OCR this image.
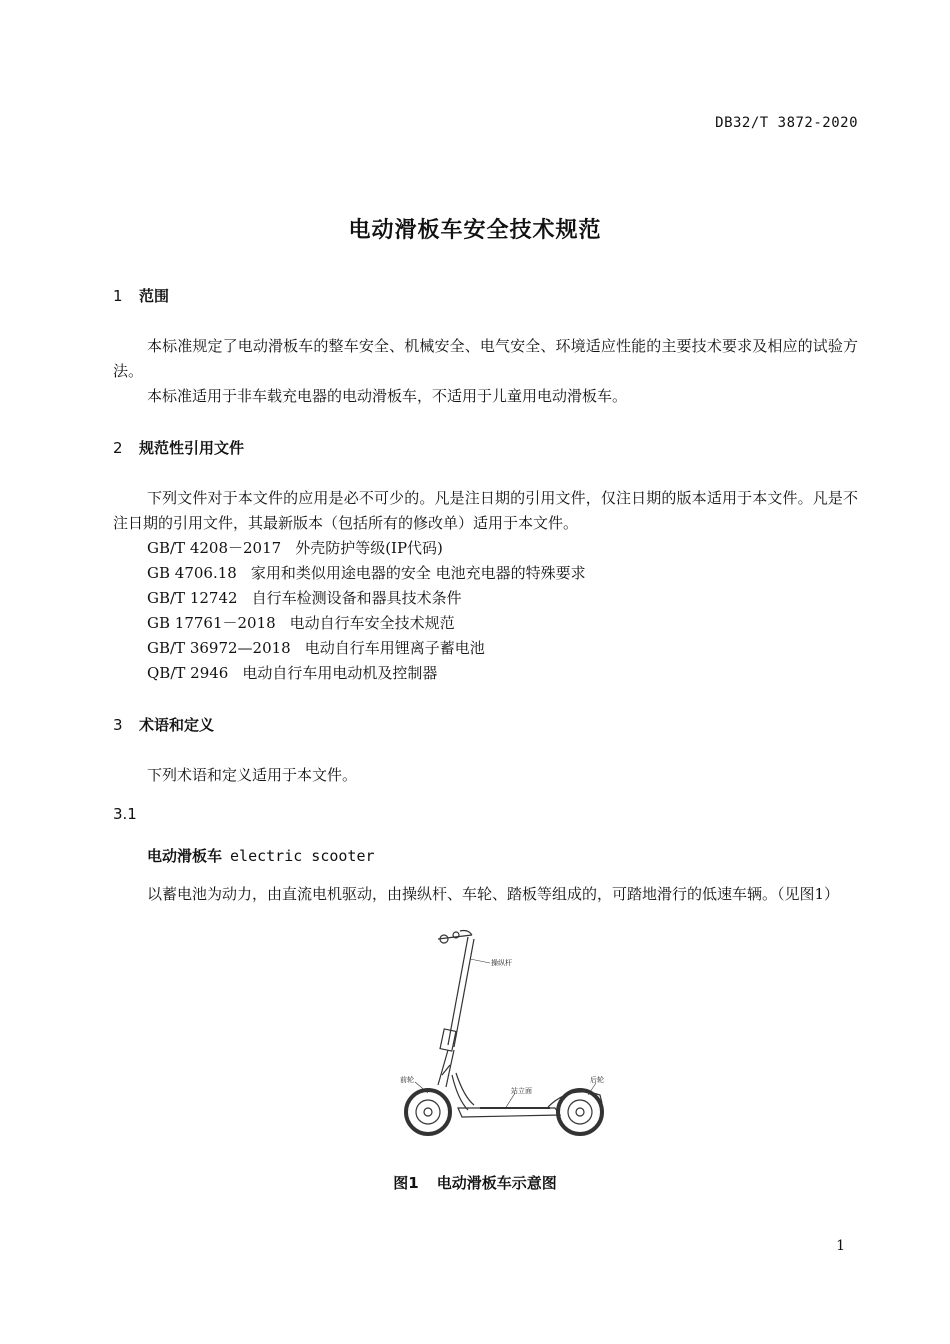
DB32/T 3872-2020
电动滑板车安全技术规范
1 范围
本标准规定了电动滑板车的整车安全、机械安全、电气安全、环境适应性能的主要技术要求及相应的试验方法。
本标准适用于非车载充电器的电动滑板车，不适用于儿童用电动滑板车。
2 规范性引用文件
下列文件对于本文件的应用是必不可少的。凡是注日期的引用文件，仅注日期的版本适用于本文件。凡是不注日期的引用文件，其最新版本（包括所有的修改单）适用于本文件。
GB/T 4208－2017 外壳防护等级(IP代码)
GB 4706.18 家用和类似用途电器的安全 电池充电器的特殊要求
GB/T 12742 自行车检测设备和器具技术条件
GB 17761－2018 电动自行车安全技术规范
GB/T 36972—2018 电动自行车用锂离子蓄电池
QB/T 2946 电动自行车用电动机及控制器
3 术语和定义
下列术语和定义适用于本文件。
3.1
电动滑板车 electric scooter
以蓄电池为动力，由直流电机驱动，由操纵杆、车轮、踏板等组成的，可踏地滑行的低速车辆。（见图1）
操纵杆
前轮
站立面
后轮
图1 电动滑板车示意图
1
